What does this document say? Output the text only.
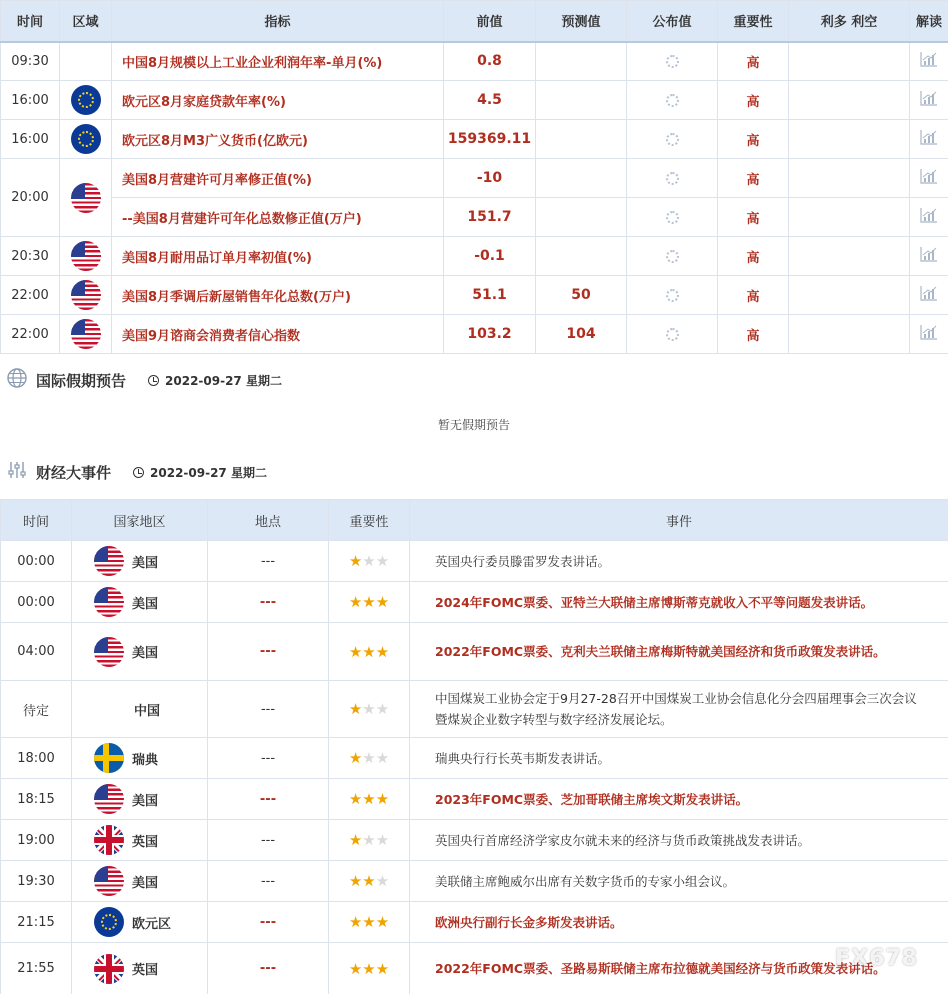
时间	区域	指标	前值	预测值	公布值	重要性	利多 利空	解读
09:30		中国8月规模以上工业企业利润年率-单月(%)	0.8			高		
16:00		欧元区8月家庭贷款年率(%)	4.5			高		
16:00		欧元区8月M3广义货币(亿欧元)	159369.11			高		
20:00		美国8月营建许可月率修正值(%)	-10			高		
		--美国8月营建许可年化总数修正值(万户)	151.7			高		
20:30		美国8月耐用品订单月率初值(%)	-0.1			高		
22:00		美国8月季调后新屋销售年化总数(万户)	51.1	50		高		
22:00		美国9月谘商会消费者信心指数	103.2	104		高		
国际假期预告	2022-09-27 星期二
暂无假期预告
财经大事件	2022-09-27 星期二
时间	国家地区	地点	重要性	事件
00:00	美国	---	★★★	英国央行委员滕雷罗发表讲话。
00:00	美国	---	★★★	2024年FOMC票委、亚特兰大联储主席博斯蒂克就收入不平等问题发表讲话。
04:00	美国	---	★★★	2022年FOMC票委、克利夫兰联储主席梅斯特就美国经济和货币政策发表讲话。
待定	中国	---	★★★	中国煤炭工业协会定于9月27-28召开中国煤炭工业协会信息化分会四届理事会三次会议暨煤炭企业数字转型与数字经济发展论坛。
18:00	瑞典	---	★★★	瑞典央行行长英韦斯发表讲话。
18:15	美国	---	★★★	2023年FOMC票委、芝加哥联储主席埃文斯发表讲话。
19:00	英国	---	★★★	英国央行首席经济学家皮尔就未来的经济与货币政策挑战发表讲话。
19:30	美国	---	★★★	美联储主席鲍威尔出席有关数字货币的专家小组会议。
21:15	欧元区	---	★★★	欧洲央行副行长金多斯发表讲话。
21:55	英国	---	★★★	2022年FOMC票委、圣路易斯联储主席布拉德就美国经济与货币政策发表讲话。
FX678
